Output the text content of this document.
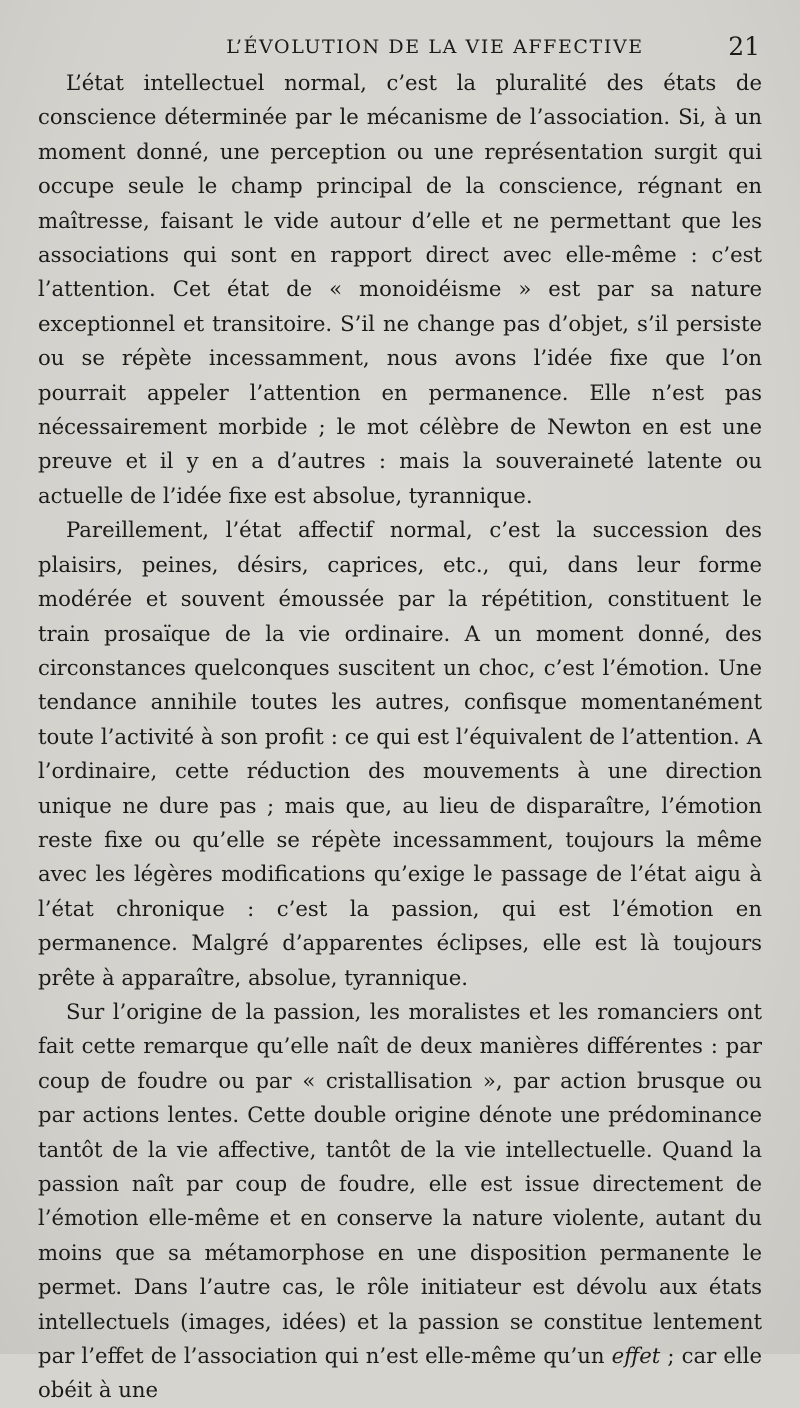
L’ÉVOLUTION DE LA VIE AFFECTIVE	21

L’état intellectuel normal, c’est la pluralité des états de conscience déterminée par le mécanisme de l’association. Si, à un moment donné, une perception ou une représentation surgit qui occupe seule le champ principal de la conscience, régnant en maîtresse, faisant le vide autour d’elle et ne permettant que les associations qui sont en rapport direct avec elle-même : c’est l’attention. Cet état de « monoidéisme » est par sa nature exceptionnel et transitoire. S’il ne change pas d’objet, s’il persiste ou se répète incessamment, nous avons l’idée fixe que l’on pourrait appeler l’attention en permanence. Elle n’est pas nécessairement morbide ; le mot célèbre de Newton en est une preuve et il y en a d’autres : mais la souveraineté latente ou actuelle de l’idée fixe est absolue, tyrannique.

Pareillement, l’état affectif normal, c’est la succession des plaisirs, peines, désirs, caprices, etc., qui, dans leur forme modérée et souvent émoussée par la répétition, constituent le train prosaïque de la vie ordinaire. A un moment donné, des circonstances quelconques suscitent un choc, c’est l’émotion. Une tendance annihile toutes les autres, confisque momentanément toute l’activité à son profit : ce qui est l’équivalent de l’attention. A l’ordinaire, cette réduction des mouvements à une direction unique ne dure pas ; mais que, au lieu de disparaître, l’émotion reste fixe ou qu’elle se répète incessamment, toujours la même avec les légères modifications qu’exige le passage de l’état aigu à l’état chronique : c’est la passion, qui est l’émotion en permanence. Malgré d’apparentes éclipses, elle est là toujours prête à apparaître, absolue, tyrannique.

Sur l’origine de la passion, les moralistes et les romanciers ont fait cette remarque qu’elle naît de deux manières différentes : par coup de foudre ou par « cristallisation », par action brusque ou par actions lentes. Cette double origine dénote une prédominance tantôt de la vie affective, tantôt de la vie intellectuelle. Quand la passion naît par coup de foudre, elle est issue directement de l’émotion elle-même et en conserve la nature violente, autant du moins que sa métamorphose en une disposition permanente le permet. Dans l’autre cas, le rôle initiateur est dévolu aux états intellectuels (images, idées) et la passion se constitue lentement par l’effet de l’association qui n’est elle-même qu’un effet ; car elle obéit à une
